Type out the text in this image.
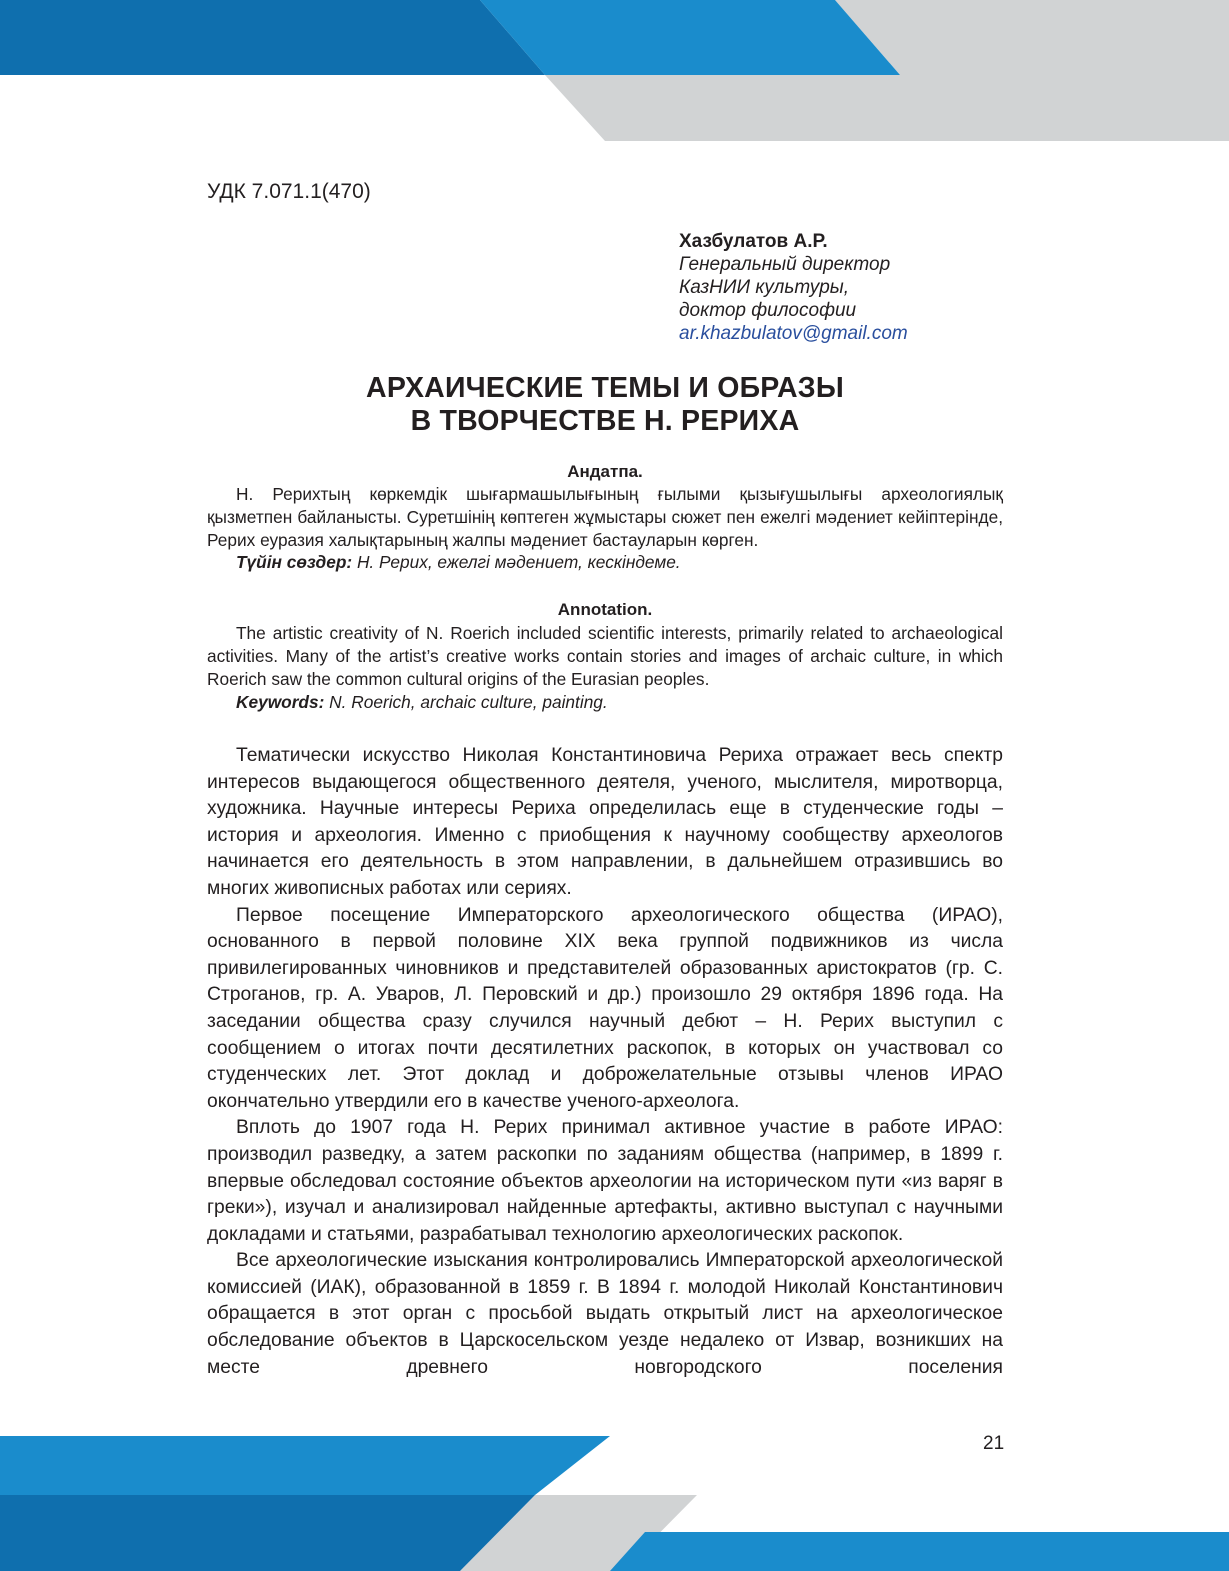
УДК 7.071.1(470)
Хазбулатов А.Р.
Генеральный директор
КазНИИ культуры,
доктор философии
ar.khazbulatov@gmail.com
АРХАИЧЕСКИЕ ТЕМЫ И ОБРАЗЫ
В ТВОРЧЕСТВЕ Н. РЕРИХА
Андатпа.

Н. Рерихтың көркемдік шығармашылығының ғылыми қызығушылығы археологиялық қызметпен байланысты. Суретшінің көптеген жұмыстары сюжет пен ежелгі мәдениет кейіптерінде, Рерих еуразия халықтарының жалпы мәдениет бастауларын көрген.

Түйін сөздер: Н. Рерих, ежелгі мәдениет, кескіндеме.
Annotation.

The artistic creativity of N. Roerich included scientific interests, primarily related to archaeological activities. Many of the artist’s creative works contain stories and images of archaic culture, in which Roerich saw the common cultural origins of the Eurasian peoples.

Keywords: N. Roerich, archaic culture, painting.

Тематически искусство Николая Константиновича Рериха отражает весь спектр интересов выдающегося общественного деятеля, ученого, мыслителя, миротворца, художника. Научные интересы Рериха определилась еще в студенческие годы – история и археология. Именно с приобщения к научному сообществу археологов начинается его деятельность в этом направлении, в дальнейшем отразившись во многих живописных работах или сериях.

Первое посещение Императорского археологического общества (ИРАО), основанного в первой половине XIX века группой подвижников из числа привилегированных чиновников и представителей образованных аристократов (гр. С. Строганов, гр. А. Уваров, Л. Перовский и др.) произошло 29 октября 1896 года. На заседании общества сразу случился научный дебют – Н. Рерих выступил с сообщением о итогах почти десятилетних раскопок, в которых он участвовал со студенческих лет. Этот доклад и доброжелательные отзывы членов ИРАО окончательно утвердили его в качестве ученого-археолога.

Вплоть до 1907 года Н. Рерих принимал активное участие в работе ИРАО: производил разведку, а затем раскопки по заданиям общества (например, в 1899 г. впервые обследовал состояние объектов археологии на историческом пути «из варяг в греки»), изучал и анализировал найденные артефакты, активно выступал с научными докладами и статьями, разрабатывал технологию археологических раскопок.

Все археологические изыскания контролировались Императорской археологической комиссией (ИАК), образованной в 1859 г. В 1894 г. молодой Николай Константинович обращается в этот орган с просьбой выдать открытый лист на археологическое обследование объектов в Царскосельском уезде недалеко от Извар, возникших на месте древнего новгородского поселения

21
